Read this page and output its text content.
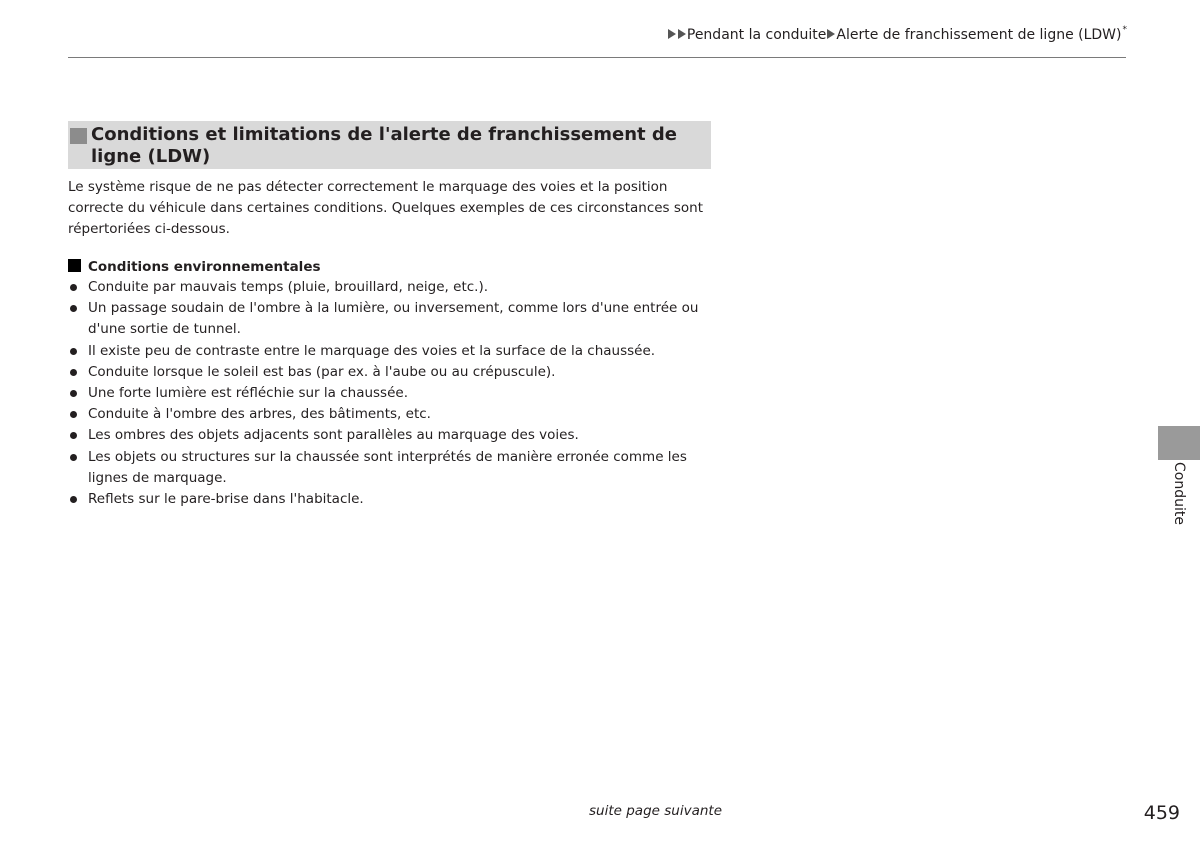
Pendant la conduite Alerte de franchissement de ligne (LDW)*
Conditions et limitations de l'alerte de franchissement de ligne (LDW)

Le système risque de ne pas détecter correctement le marquage des voies et la position correcte du véhicule dans certaines conditions. Quelques exemples de ces circonstances sont répertoriées ci-dessous.

Conditions environnementales
Conduite par mauvais temps (pluie, brouillard, neige, etc.).
Un passage soudain de l'ombre à la lumière, ou inversement, comme lors d'une entrée ou d'une sortie de tunnel.
Il existe peu de contraste entre le marquage des voies et la surface de la chaussée.
Conduite lorsque le soleil est bas (par ex. à l'aube ou au crépuscule).
Une forte lumière est réfléchie sur la chaussée.
Conduite à l'ombre des arbres, des bâtiments, etc.
Les ombres des objets adjacents sont parallèles au marquage des voies.
Les objets ou structures sur la chaussée sont interprétés de manière erronée comme les lignes de marquage.
Reflets sur le pare-brise dans l'habitacle.	Conduite
suite page suivante	459
